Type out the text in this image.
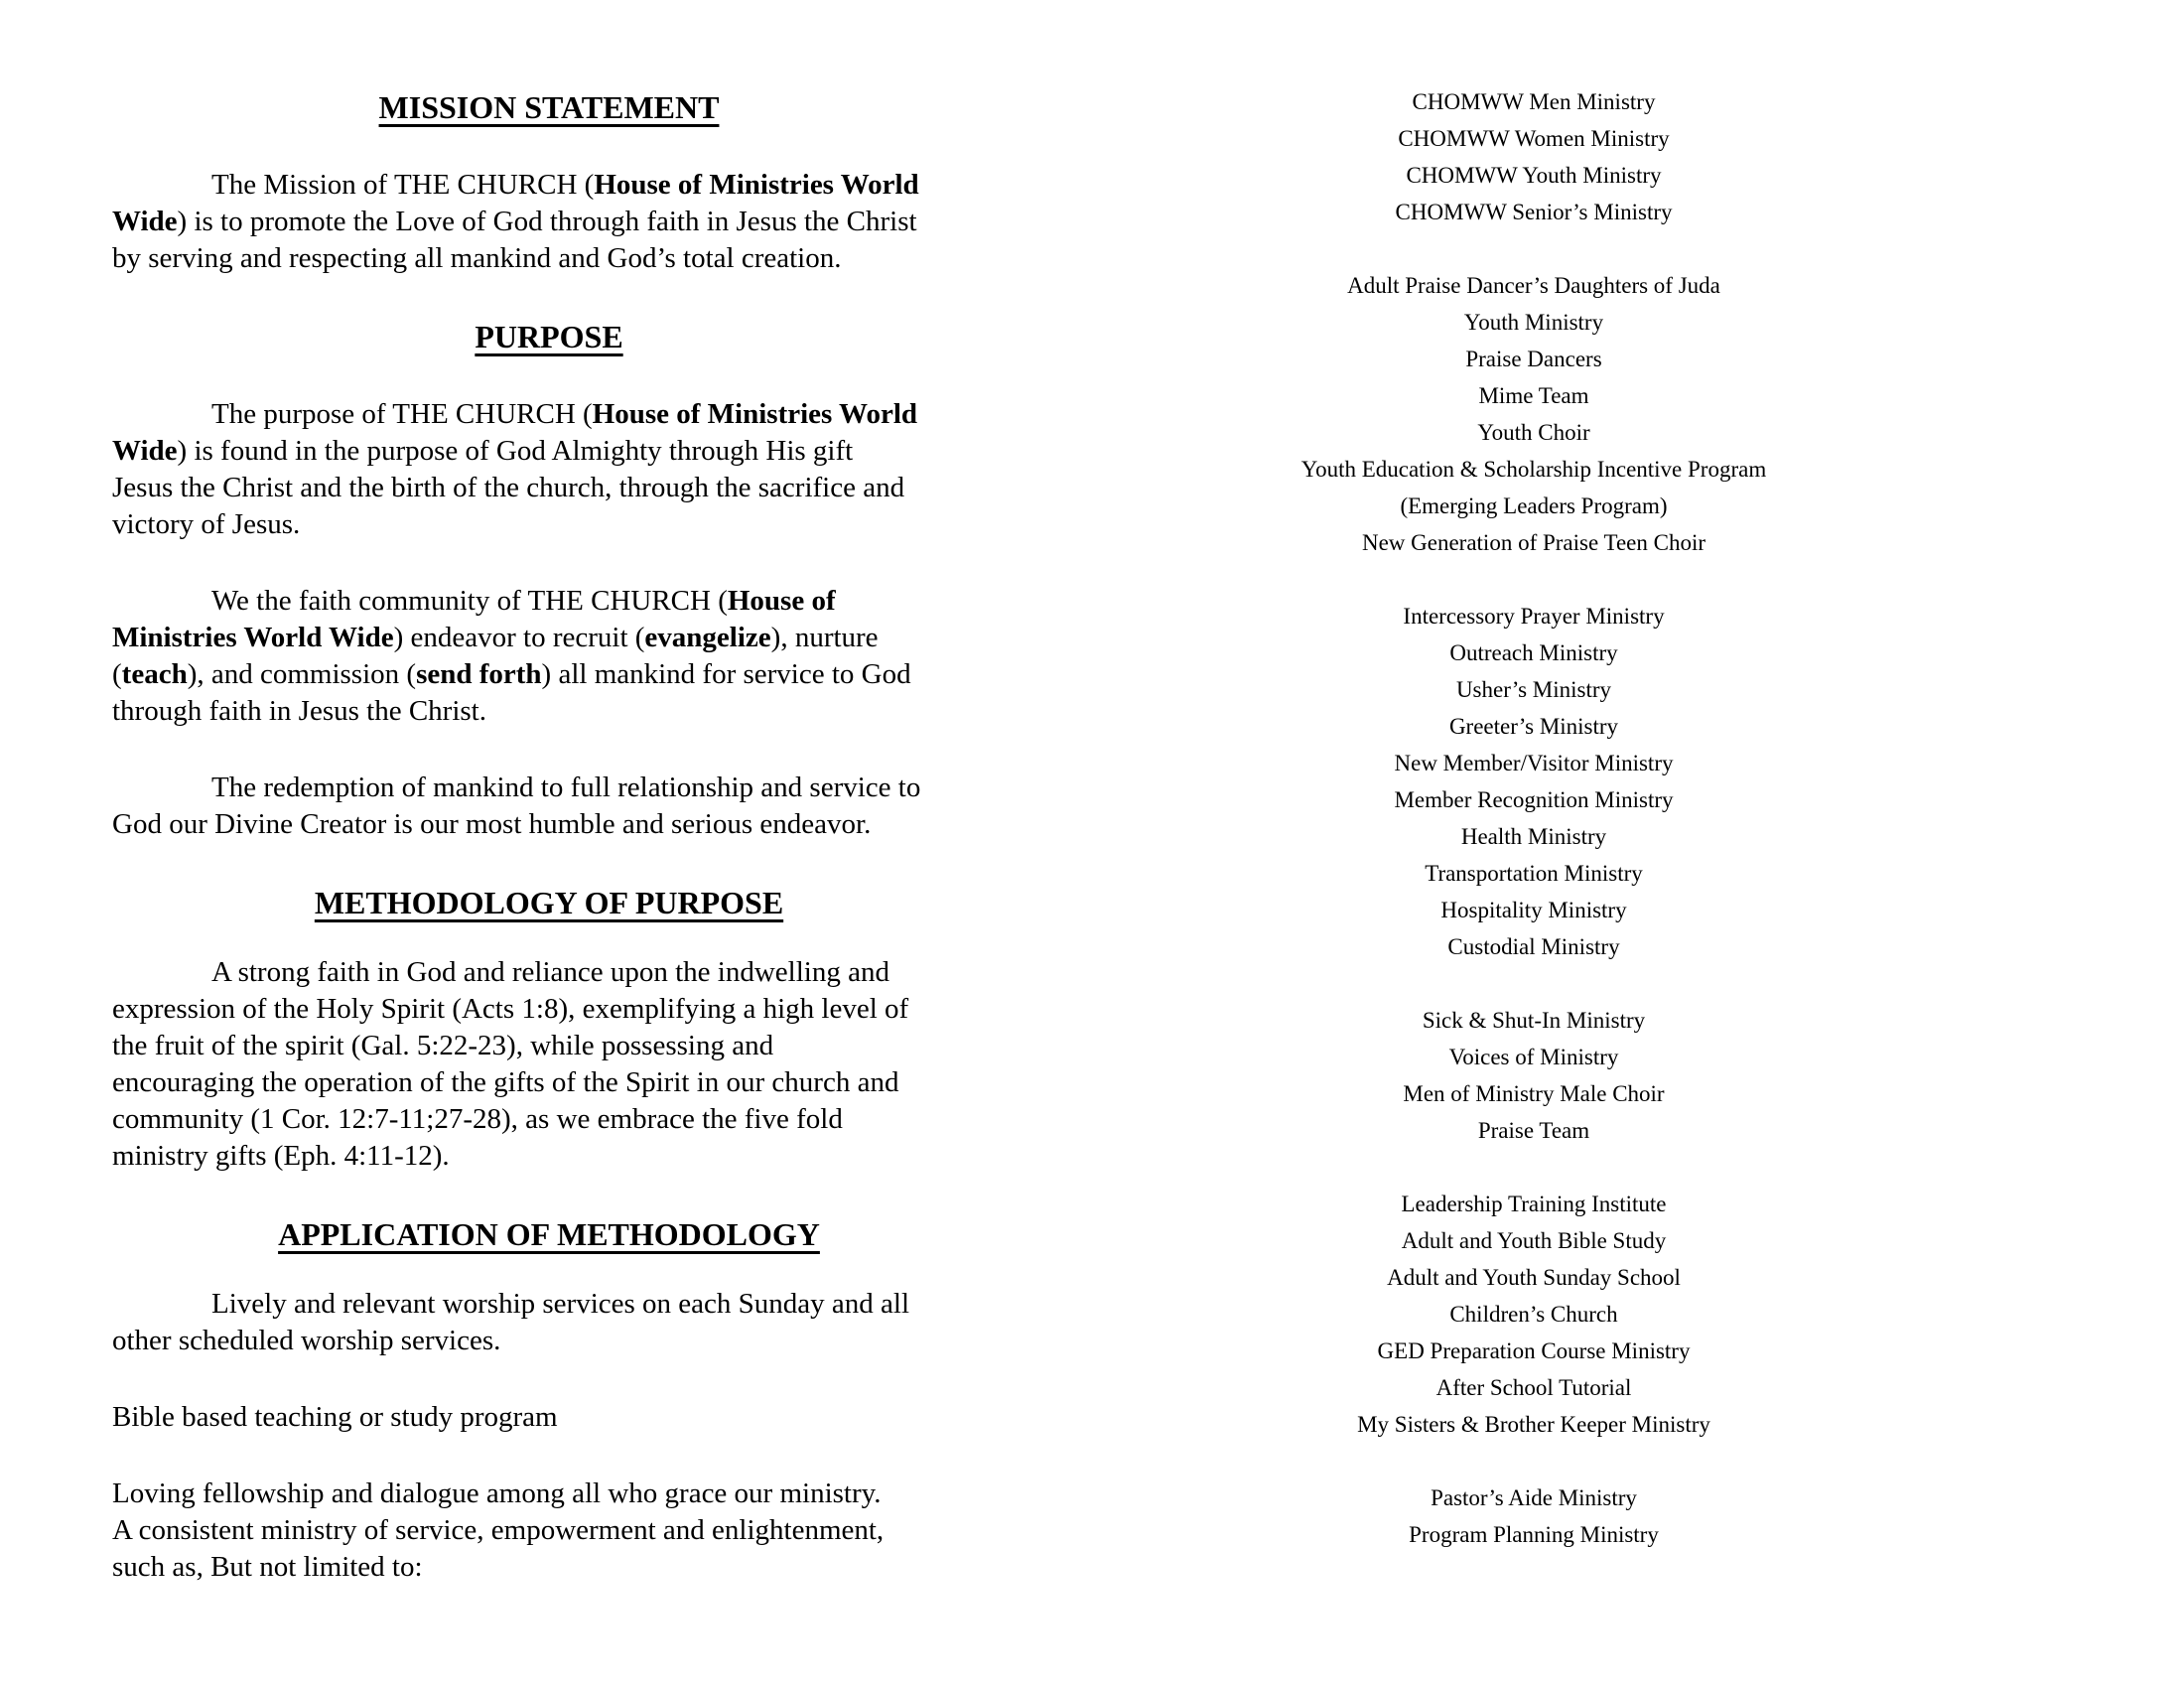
MISSION STATEMENT
The Mission of THE CHURCH (House of Ministries World
Wide) is to promote the Love of God through faith in Jesus the Christ
by serving and respecting all mankind and God’s total creation.
PURPOSE
The purpose of THE CHURCH (House of Ministries World
Wide) is found in the purpose of God Almighty through His gift
Jesus the Christ and the birth of the church, through the sacrifice and
victory of Jesus.
We the faith community of THE CHURCH (House of
Ministries World Wide) endeavor to recruit (evangelize), nurture
(teach), and commission (send forth) all mankind for service to God
through faith in Jesus the Christ.
The redemption of mankind to full relationship and service to
God our Divine Creator is our most humble and serious endeavor.
METHODOLOGY OF PURPOSE
A strong faith in God and reliance upon the indwelling and
expression of the Holy Spirit (Acts 1:8), exemplifying a high level of
the fruit of the spirit (Gal. 5:22-23), while possessing and
encouraging the operation of the gifts of the Spirit in our church and
community (1 Cor. 12:7-11;27-28), as we embrace the five fold
ministry gifts (Eph. 4:11-12).
APPLICATION OF METHODOLOGY
Lively and relevant worship services on each Sunday and all
other scheduled worship services.
Bible based teaching or study program
Loving fellowship and dialogue among all who grace our ministry.
A consistent ministry of service, empowerment and enlightenment,
such as, But not limited to:
CHOMWW Men Ministry
CHOMWW Women Ministry
CHOMWW Youth Ministry
CHOMWW Senior’s Ministry
Adult Praise Dancer’s Daughters of Juda
Youth Ministry
Praise Dancers
Mime Team
Youth Choir
Youth Education & Scholarship Incentive Program
(Emerging Leaders Program)
New Generation of Praise Teen Choir
Intercessory Prayer Ministry
Outreach Ministry
Usher’s Ministry
Greeter’s Ministry
New Member/Visitor Ministry
Member Recognition Ministry
Health Ministry
Transportation Ministry
Hospitality Ministry
Custodial Ministry
Sick & Shut-In Ministry
Voices of Ministry
Men of Ministry Male Choir
Praise Team
Leadership Training Institute
Adult and Youth Bible Study
Adult and Youth Sunday School
Children’s Church
GED Preparation Course Ministry
After School Tutorial
My Sisters & Brother Keeper Ministry
Pastor’s Aide Ministry
Program Planning Ministry
